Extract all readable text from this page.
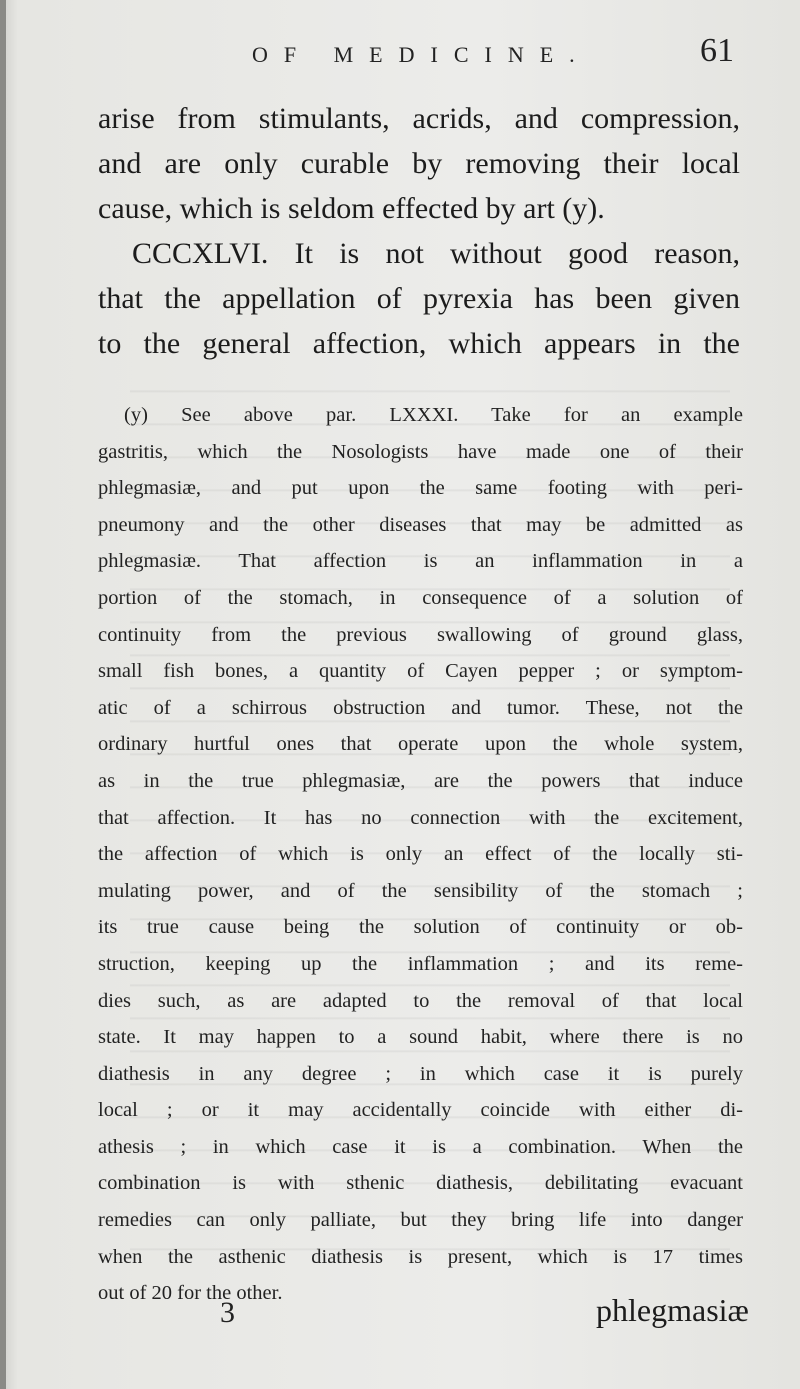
OF MEDICINE.	61
arise from stimulants, acrids, and compression,
and are only curable by removing their local
cause, which is seldom effected by art (y).
CCCXLVI. It is not without good reason,
that the appellation of pyrexia has been given
to the general affection, which appears in the
(y) See above par. LXXXI. Take for an example
gastritis, which the Nosologists have made one of their
phlegmasiæ, and put upon the same footing with peri-
pneumony and the other diseases that may be admitted as
phlegmasiæ. That affection is an inflammation in a
portion of the stomach, in consequence of a solution of
continuity from the previous swallowing of ground glass,
small fish bones, a quantity of Cayen pepper ; or symptom-
atic of a schirrous obstruction and tumor. These, not the
ordinary hurtful ones that operate upon the whole system,
as in the true phlegmasiæ, are the powers that induce
that affection. It has no connection with the excitement,
the affection of which is only an effect of the locally sti-
mulating power, and of the sensibility of the stomach ;
its true cause being the solution of continuity or ob-
struction, keeping up the inflammation ; and its reme-
dies such, as are adapted to the removal of that local
state. It may happen to a sound habit, where there is no
diathesis in any degree ; in which case it is purely
local ; or it may accidentally coincide with either di-
athesis ; in which case it is a combination. When the
combination is with sthenic diathesis, debilitating evacuant
remedies can only palliate, but they bring life into danger
when the asthenic diathesis is present, which is 17 times
out of 20 for the other.
3	phlegmasiæ
